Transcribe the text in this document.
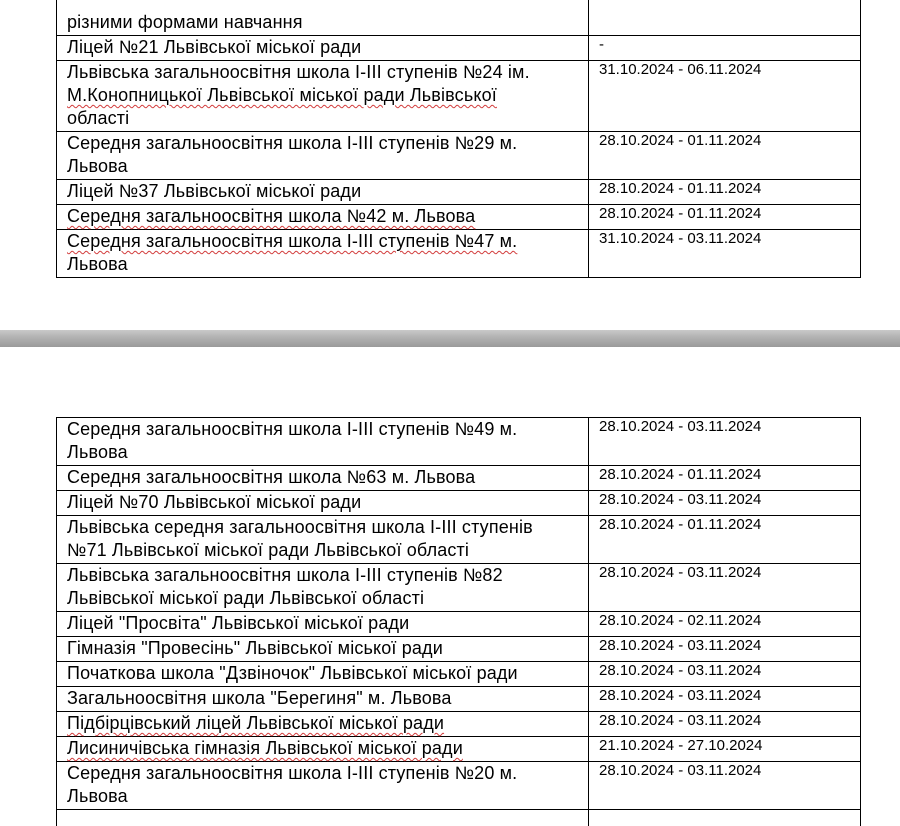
різними формами навчання	
Ліцей №21 Львівської міської ради	-
Львівська загальноосвітня школа І-ІІІ ступенів №24 ім.
М.Конопницької Львівської міської ради Львівської
області	31.10.2024 - 06.11.2024
Середня загальноосвітня школа І-ІІІ ступенів №29 м.
Львова	28.10.2024 - 01.11.2024
Ліцей №37 Львівської міської ради	28.10.2024 - 01.11.2024
Середня загальноосвітня школа №42 м. Львова	28.10.2024 - 01.11.2024
Середня загальноосвітня школа І-ІІІ ступенів №47 м.
Львова	31.10.2024 - 03.11.2024
Середня загальноосвітня школа І-ІІІ ступенів №49 м.
Львова	28.10.2024 - 03.11.2024
Середня загальноосвітня школа №63 м. Львова	28.10.2024 - 01.11.2024
Ліцей №70 Львівської міської ради	28.10.2024 - 03.11.2024
Львівська середня загальноосвітня школа І-ІІІ ступенів
№71 Львівської міської ради Львівської області	28.10.2024 - 01.11.2024
Львівська загальноосвітня школа І-ІІІ ступенів №82
Львівської міської ради Львівської області	28.10.2024 - 03.11.2024
Ліцей "Просвіта" Львівської міської ради	28.10.2024 - 02.11.2024
Гімназія "Провесінь" Львівської міської ради	28.10.2024 - 03.11.2024
Початкова школа "Дзвіночок" Львівської міської ради	28.10.2024 - 03.11.2024
Загальноосвітня школа "Берегиня" м. Львова	28.10.2024 - 03.11.2024
Підбірцівський ліцей Львівської міської ради	28.10.2024 - 03.11.2024
Лисиничівська гімназія Львівської міської ради	21.10.2024 - 27.10.2024
Середня загальноосвітня школа І-ІІІ ступенів №20 м.
Львова	28.10.2024 - 03.11.2024
